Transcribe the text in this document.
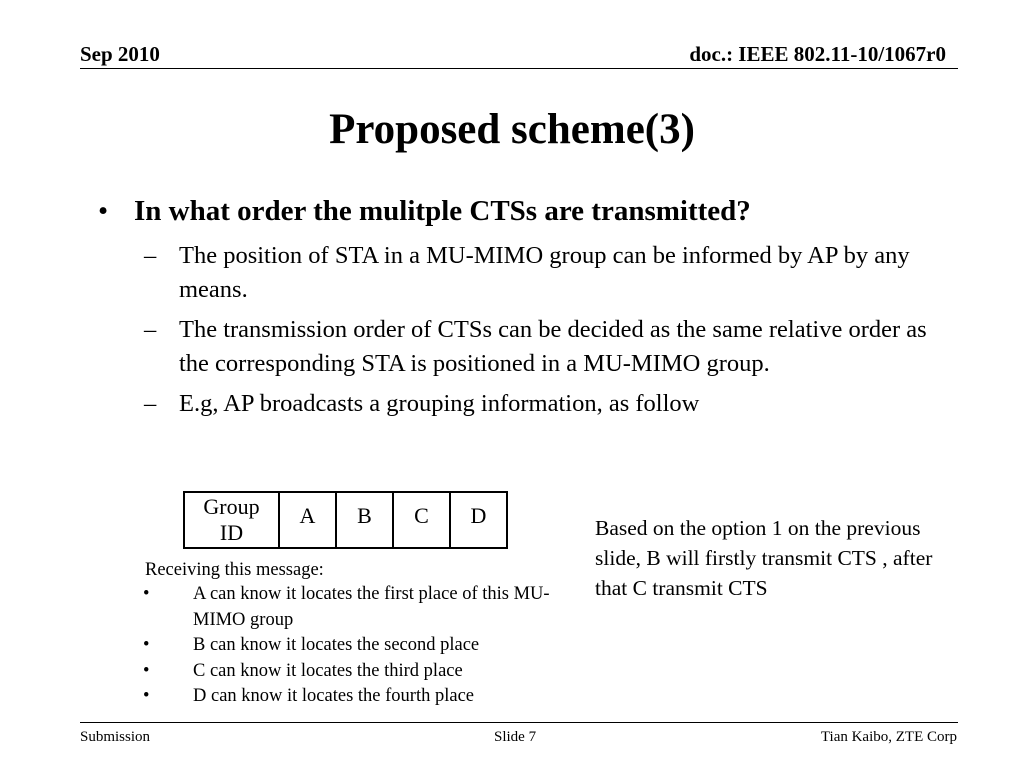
Sep 2010	doc.: IEEE 802.11-10/1067r0
Proposed scheme(3)
• In what order the mulitple CTSs are transmitted?
– The position of STA in a MU-MIMO group can be informed by AP by any means.
– The transmission order of CTSs can be decided as the same relative order as the corresponding STA is positioned in a MU-MIMO group.
– E.g, AP broadcasts a grouping information, as follow
Group
ID
	A	B	C	D
Receiving this message:
• A can know it locates the first place of this MU-MIMO group
• B can know it locates the second place
• C can know it locates the third place
• D can know it locates the fourth place
Based on the option 1 on the previous slide, B will firstly transmit CTS , after that C transmit CTS
Submission	Slide 7	Tian Kaibo, ZTE Corp
